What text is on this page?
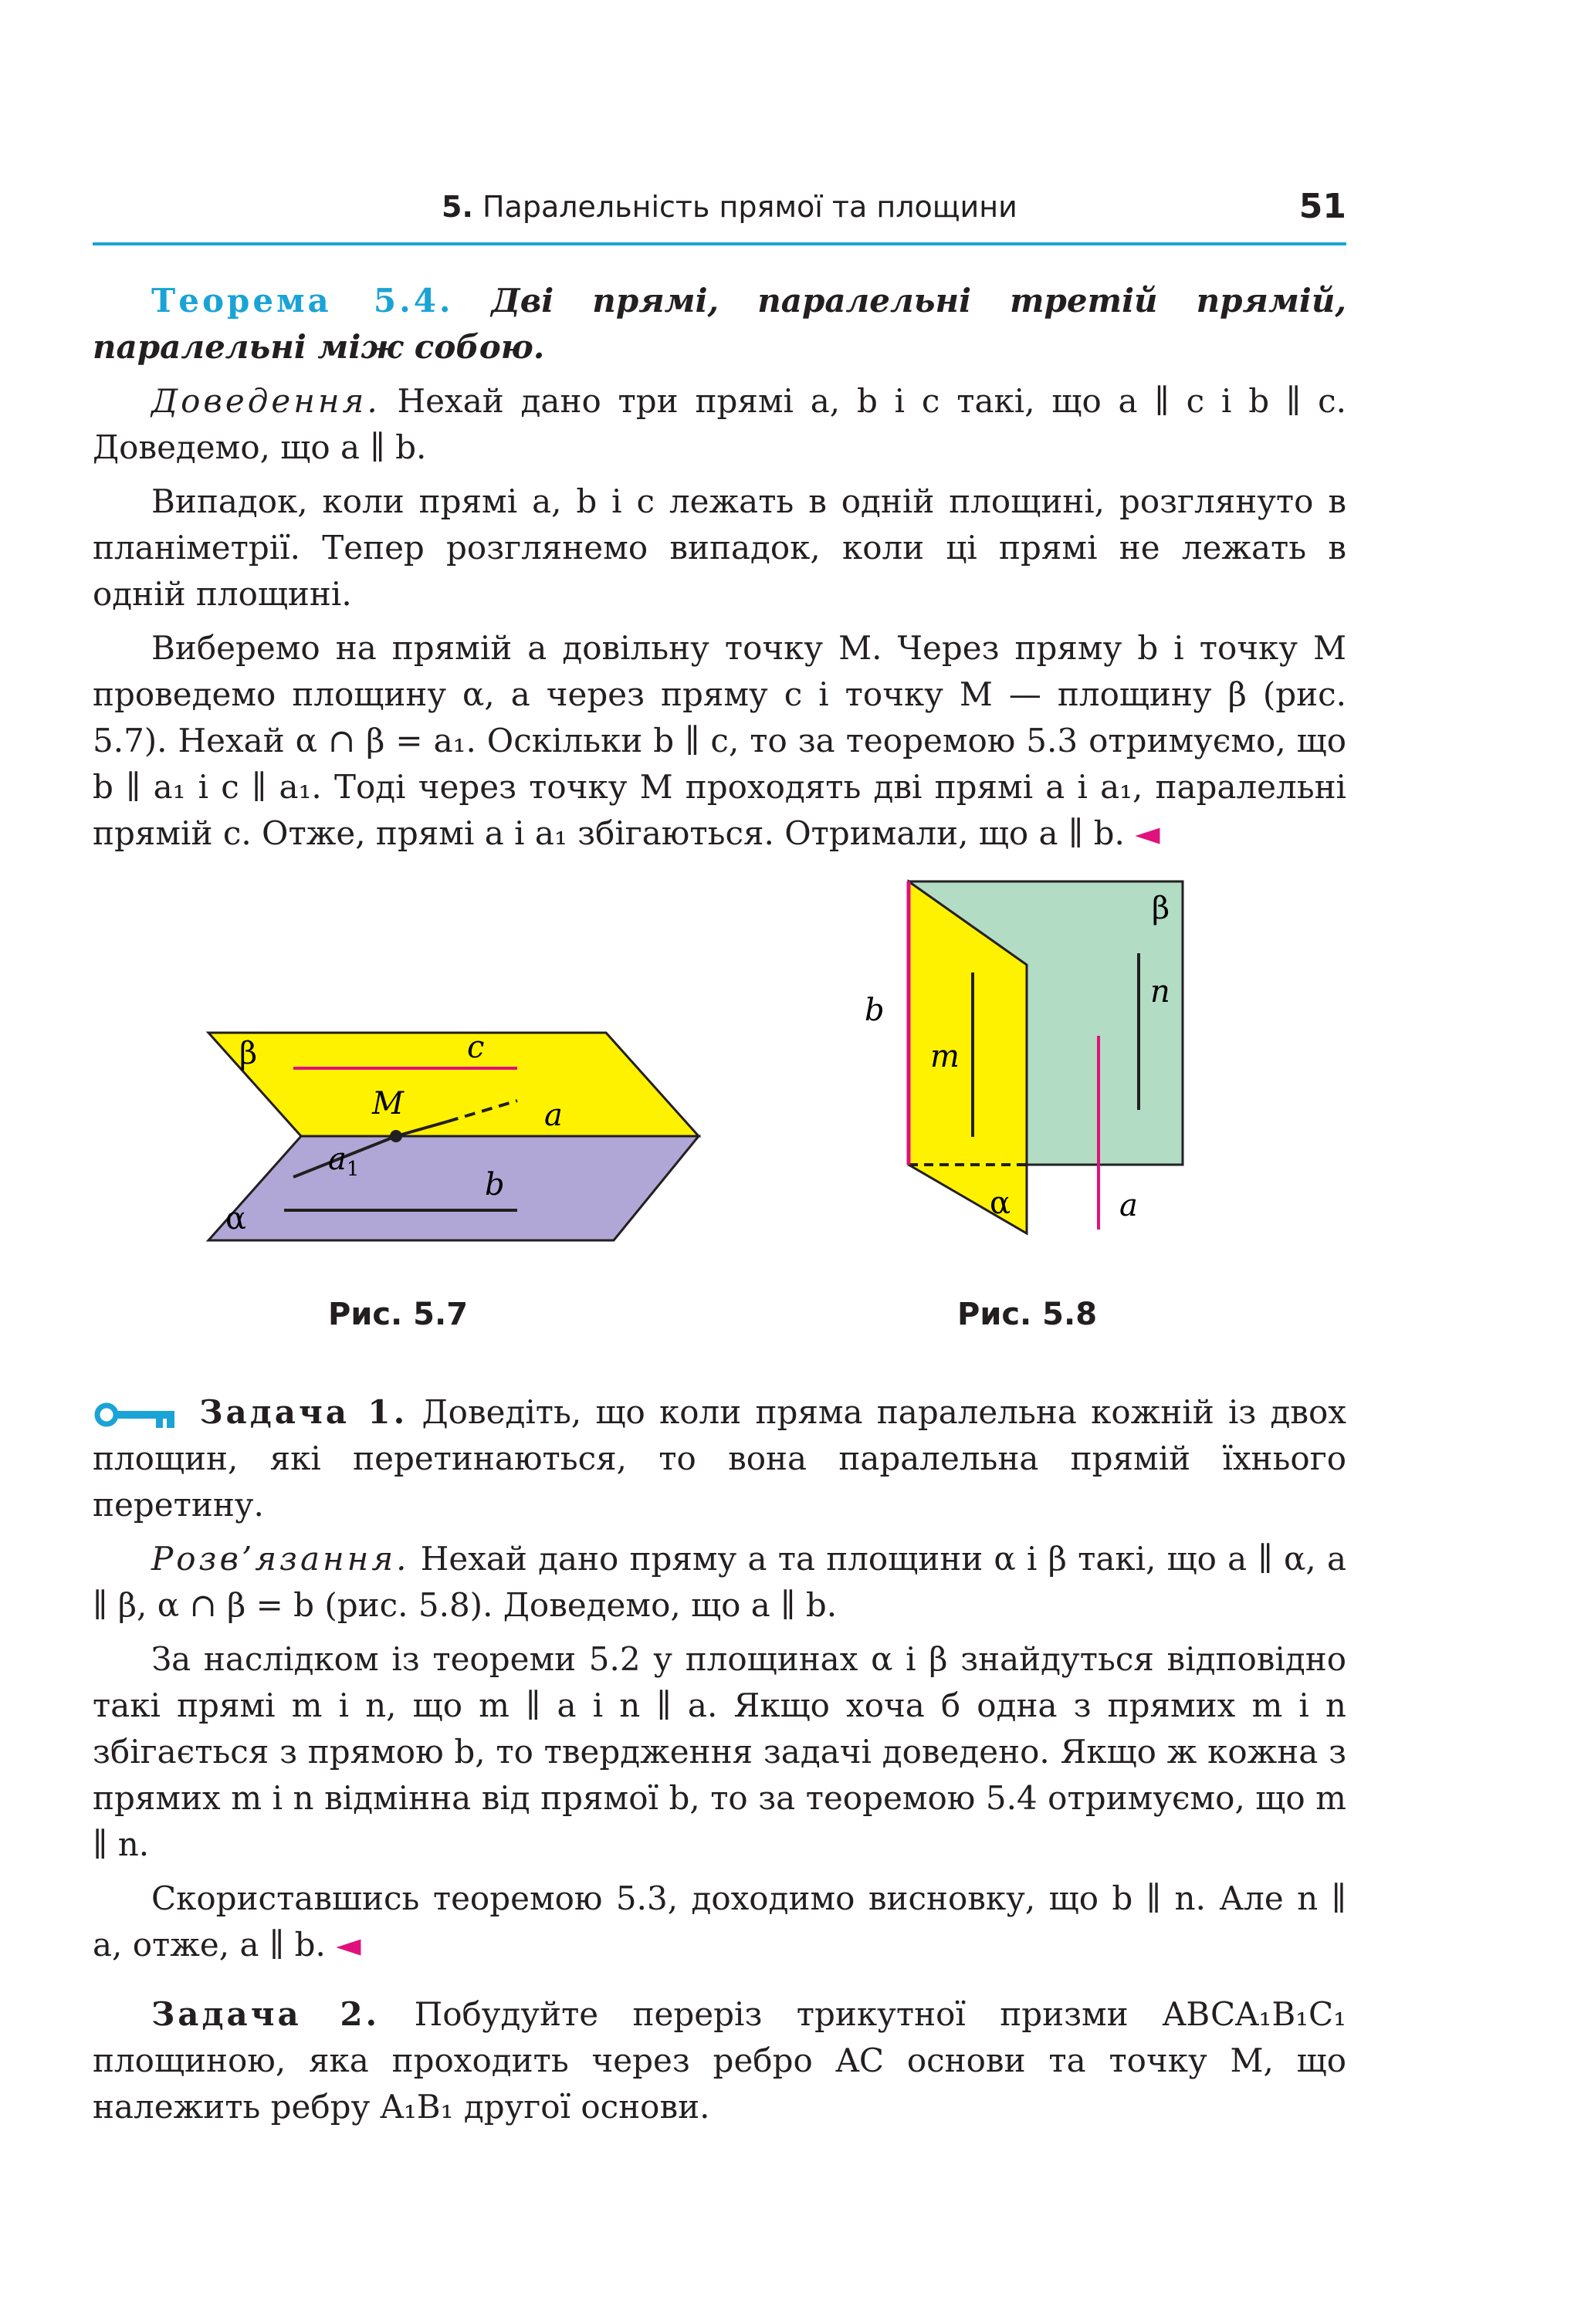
5. Паралельність прямої та площини	51

Теорема 5.4. Дві прямі, паралельні третій прямій, паралельні між собою.

Доведення. Нехай дано три прямі a, b і c такі, що a ∥ c і b ∥ c. Доведемо, що a ∥ b.

Випадок, коли прямі a, b і c лежать в одній площині, розглянуто в планіметрії. Тепер розглянемо випадок, коли ці прямі не лежать в одній площині.

Виберемо на прямій a довільну точку M. Через пряму b і точку M проведемо площину α, а через пряму c і точку M — площину β (рис. 5.7). Нехай α ∩ β = a₁. Оскільки b ∥ c, то за теоремою 5.3 отримуємо, що b ∥ a₁ і c ∥ a₁. Тоді через точку M проходять дві прямі a і a₁, паралельні прямій c. Отже, прямі a і a₁ збігаються. Отримали, що a ∥ b. ◄

β	c
M	a
$a_1$	b
α
Рис. 5.7
β
n
b
m
α	a
Рис. 5.8

Задача 1. Доведіть, що коли пряма паралельна кожній із двох площин, які перетинаються, то вона паралельна прямій їхнього перетину.

Розв’язання. Нехай дано пряму a та площини α і β такі, що a ∥ α, a ∥ β, α ∩ β = b (рис. 5.8). Доведемо, що a ∥ b.

За наслідком із теореми 5.2 у площинах α і β знайдуться відповідно такі прямі m і n, що m ∥ a і n ∥ a. Якщо хоча б одна з прямих m і n збігається з прямою b, то твердження задачі доведено. Якщо ж кожна з прямих m і n відмінна від прямої b, то за теоремою 5.4 отримуємо, що m ∥ n.

Скориставшись теоремою 5.3, доходимо висновку, що b ∥ n. Але n ∥ a, отже, a ∥ b. ◄

Задача 2. Побудуйте переріз трикутної призми ABCA₁B₁C₁ площиною, яка проходить через ребро AC основи та точку M, що належить ребру A₁B₁ другої основи.
